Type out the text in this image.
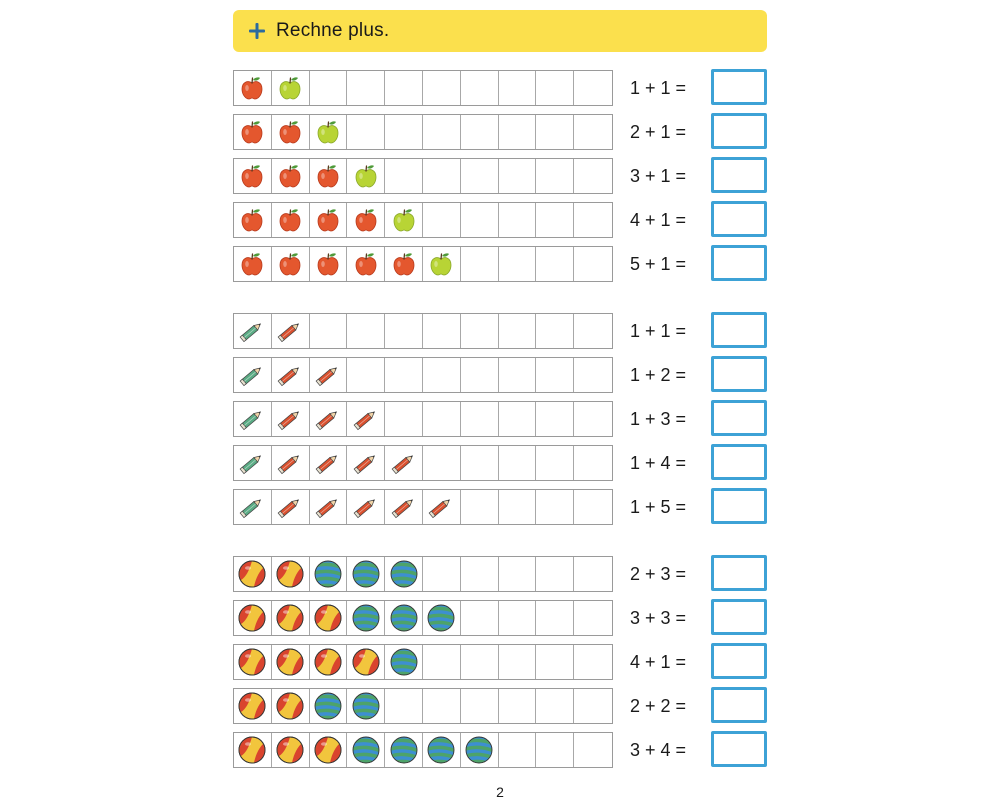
Rechne plus.
1 + 1 =
2 + 1 =
3 + 1 =
4 + 1 =
5 + 1 =
1 + 1 =
1 + 2 =
1 + 3 =
1 + 4 =
1 + 5 =
2 + 3 =
3 + 3 =
4 + 1 =
2 + 2 =
3 + 4 =
2
